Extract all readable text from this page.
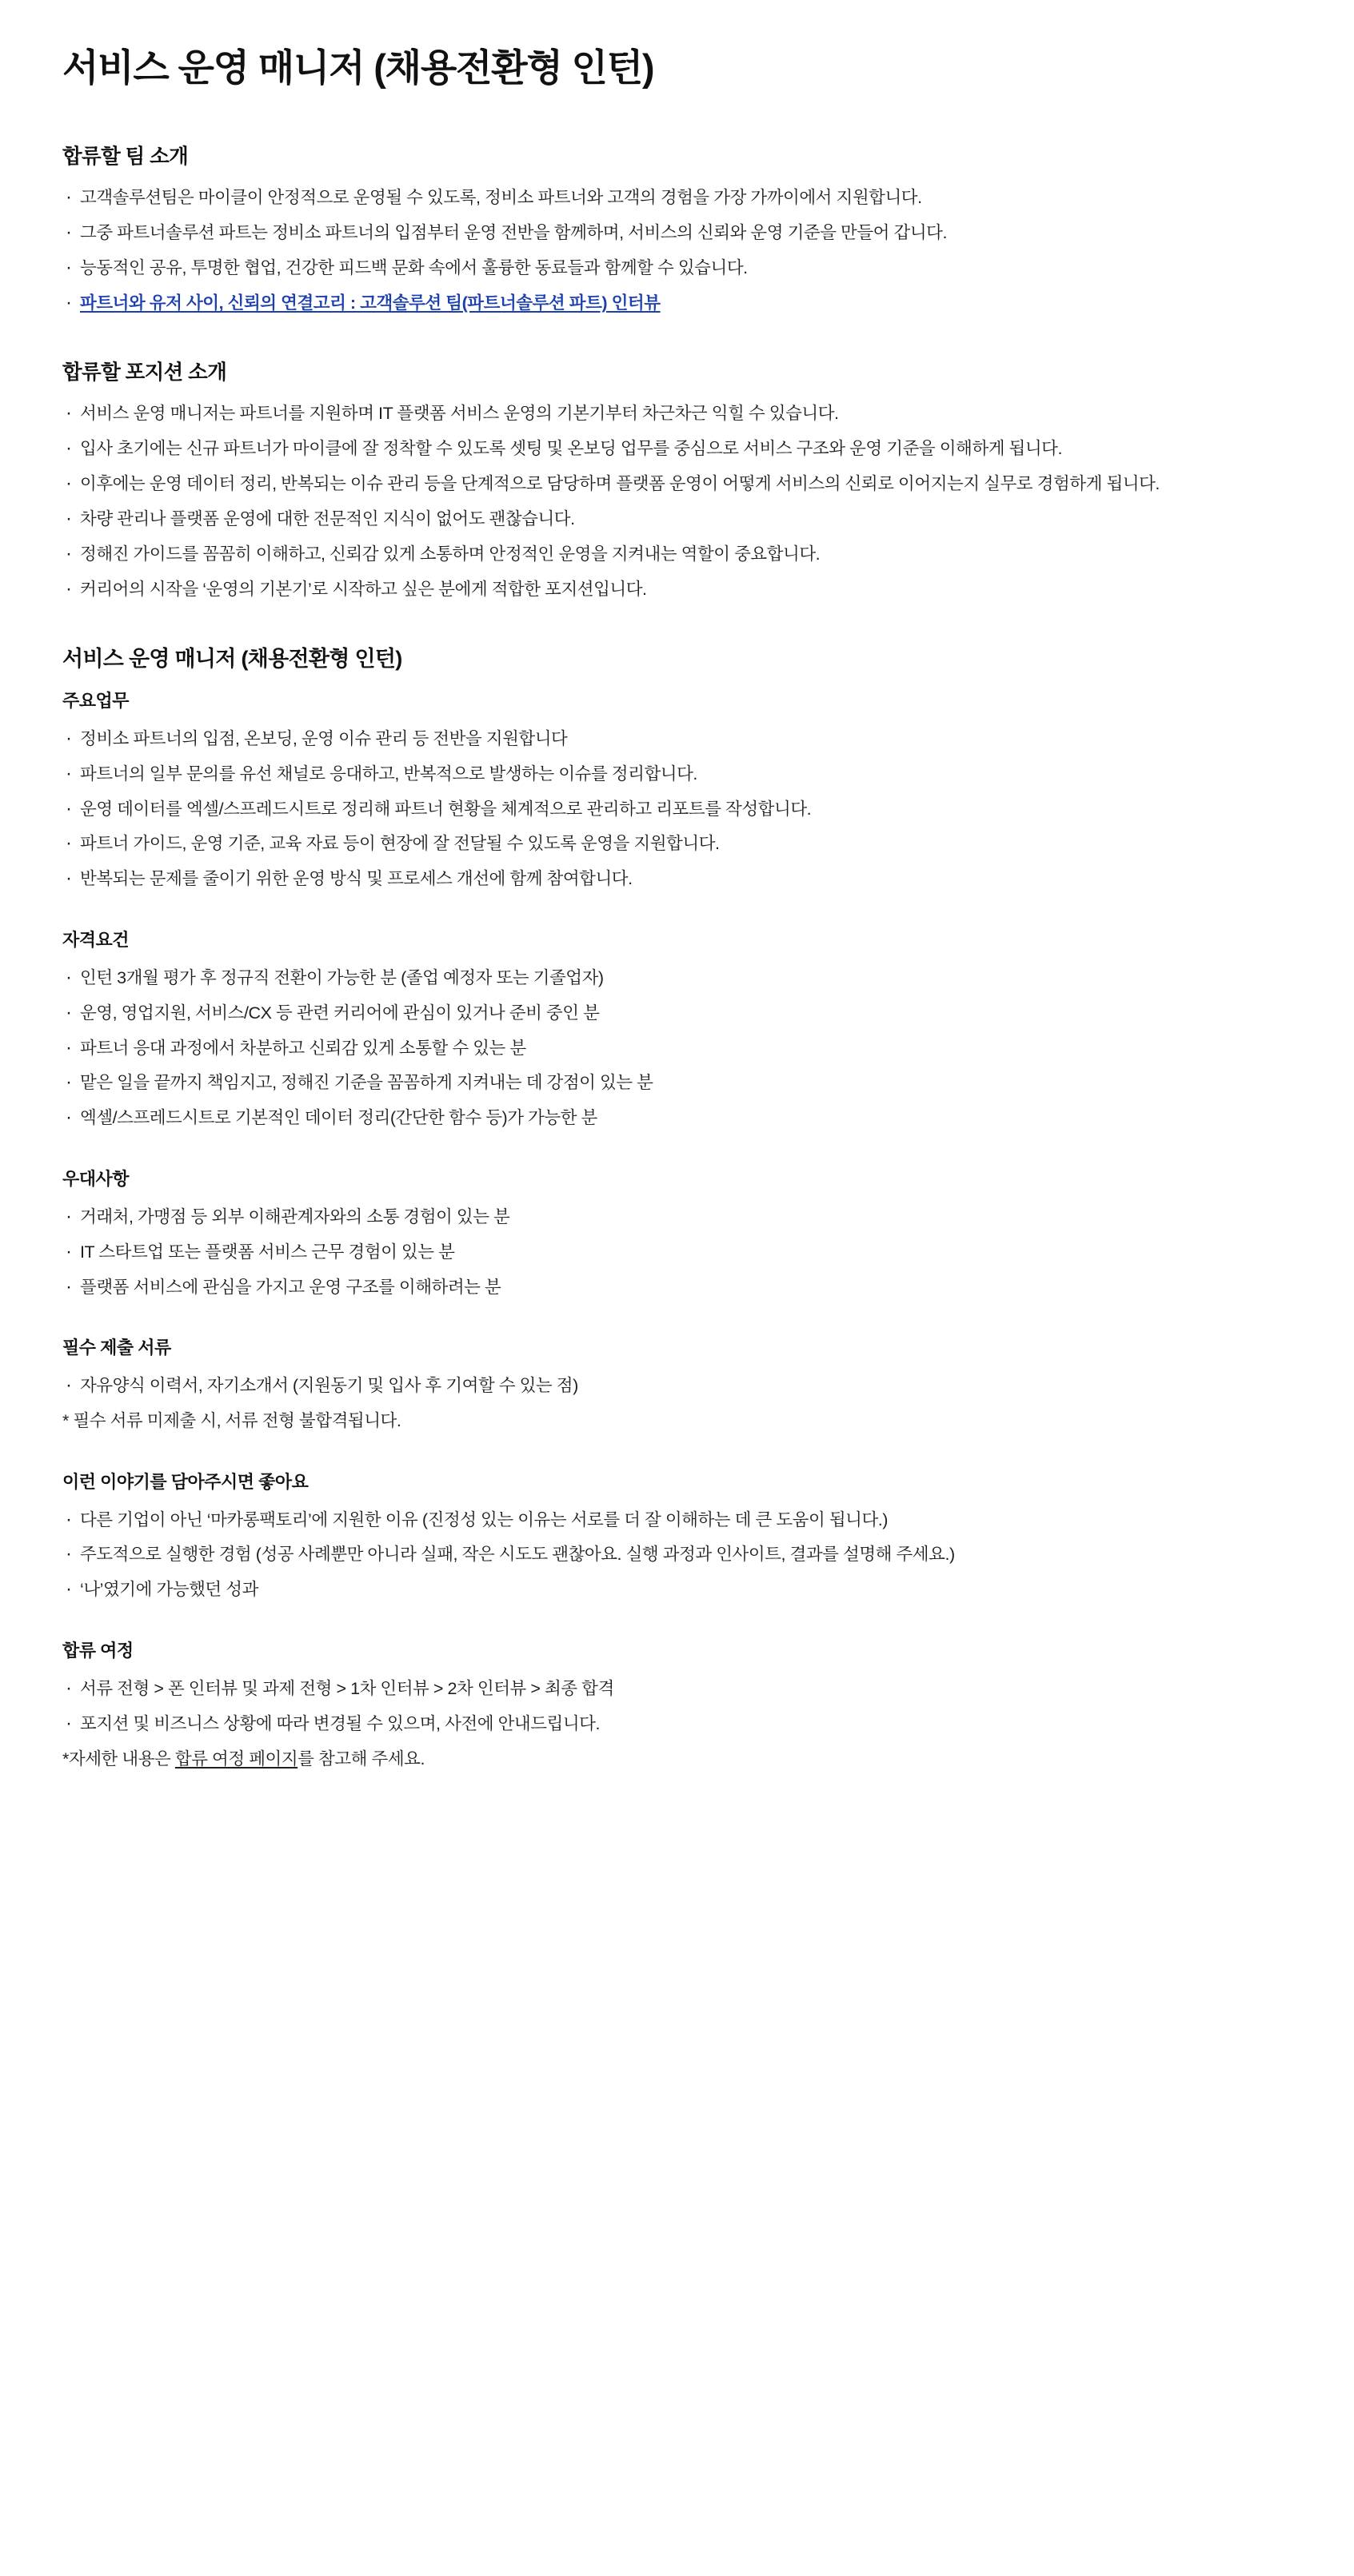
서비스 운영 매니저 (채용전환형 인턴)
합류할 팀 소개
· 고객솔루션팀은 마이클이 안정적으로 운영될 수 있도록, 정비소 파트너와 고객의 경험을 가장 가까이에서 지원합니다.
· 그중 파트너솔루션 파트는 정비소 파트너의 입점부터 운영 전반을 함께하며, 서비스의 신뢰와 운영 기준을 만들어 갑니다.
· 능동적인 공유, 투명한 협업, 건강한 피드백 문화 속에서 훌륭한 동료들과 함께할 수 있습니다.
· 파트너와 유저 사이, 신뢰의 연결고리 : 고객솔루션 팀(파트너솔루션 파트) 인터뷰
합류할 포지션 소개
· 서비스 운영 매니저는 파트너를 지원하며 IT 플랫폼 서비스 운영의 기본기부터 차근차근 익힐 수 있습니다.
· 입사 초기에는 신규 파트너가 마이클에 잘 정착할 수 있도록 셋팅 및 온보딩 업무를 중심으로 서비스 구조와 운영 기준을 이해하게 됩니다.
· 이후에는 운영 데이터 정리, 반복되는 이슈 관리 등을 단계적으로 담당하며 플랫폼 운영이 어떻게 서비스의 신뢰로 이어지는지 실무로 경험하게 됩니다.
· 차량 관리나 플랫폼 운영에 대한 전문적인 지식이 없어도 괜찮습니다.
· 정해진 가이드를 꼼꼼히 이해하고, 신뢰감 있게 소통하며 안정적인 운영을 지켜내는 역할이 중요합니다.
· 커리어의 시작을 ‘운영의 기본기’로 시작하고 싶은 분에게 적합한 포지션입니다.
서비스 운영 매니저 (채용전환형 인턴)
주요업무
· 정비소 파트너의 입점, 온보딩, 운영 이슈 관리 등 전반을 지원합니다
· 파트너의 일부 문의를 유선 채널로 응대하고, 반복적으로 발생하는 이슈를 정리합니다.
· 운영 데이터를 엑셀/스프레드시트로 정리해 파트너 현황을 체계적으로 관리하고 리포트를 작성합니다.
· 파트너 가이드, 운영 기준, 교육 자료 등이 현장에 잘 전달될 수 있도록 운영을 지원합니다.
· 반복되는 문제를 줄이기 위한 운영 방식 및 프로세스 개선에 함께 참여합니다.
자격요건
· 인턴 3개월 평가 후 정규직 전환이 가능한 분 (졸업 예정자 또는 기졸업자)
· 운영, 영업지원, 서비스/CX 등 관련 커리어에 관심이 있거나 준비 중인 분
· 파트너 응대 과정에서 차분하고 신뢰감 있게 소통할 수 있는 분
· 맡은 일을 끝까지 책임지고, 정해진 기준을 꼼꼼하게 지켜내는 데 강점이 있는 분
· 엑셀/스프레드시트로 기본적인 데이터 정리(간단한 함수 등)가 가능한 분
우대사항
· 거래처, 가맹점 등 외부 이해관계자와의 소통 경험이 있는 분
· IT 스타트업 또는 플랫폼 서비스 근무 경험이 있는 분
· 플랫폼 서비스에 관심을 가지고 운영 구조를 이해하려는 분
필수 제출 서류
· 자유양식 이력서, 자기소개서 (지원동기 및 입사 후 기여할 수 있는 점)

* 필수 서류 미제출 시, 서류 전형 불합격됩니다.

이런 이야기를 담아주시면 좋아요
· 다른 기업이 아닌 ‘마카롱팩토리’에 지원한 이유 (진정성 있는 이유는 서로를 더 잘 이해하는 데 큰 도움이 됩니다.)
· 주도적으로 실행한 경험 (성공 사례뿐만 아니라 실패, 작은 시도도 괜찮아요. 실행 과정과 인사이트, 결과를 설명해 주세요.)
· ‘나’였기에 가능했던 성과
합류 여정
· 서류 전형 > 폰 인터뷰 및 과제 전형 > 1차 인터뷰 > 2차 인터뷰 > 최종 합격
· 포지션 및 비즈니스 상황에 따라 변경될 수 있으며, 사전에 안내드립니다.

*자세한 내용은 합류 여정 페이지를 참고해 주세요.
